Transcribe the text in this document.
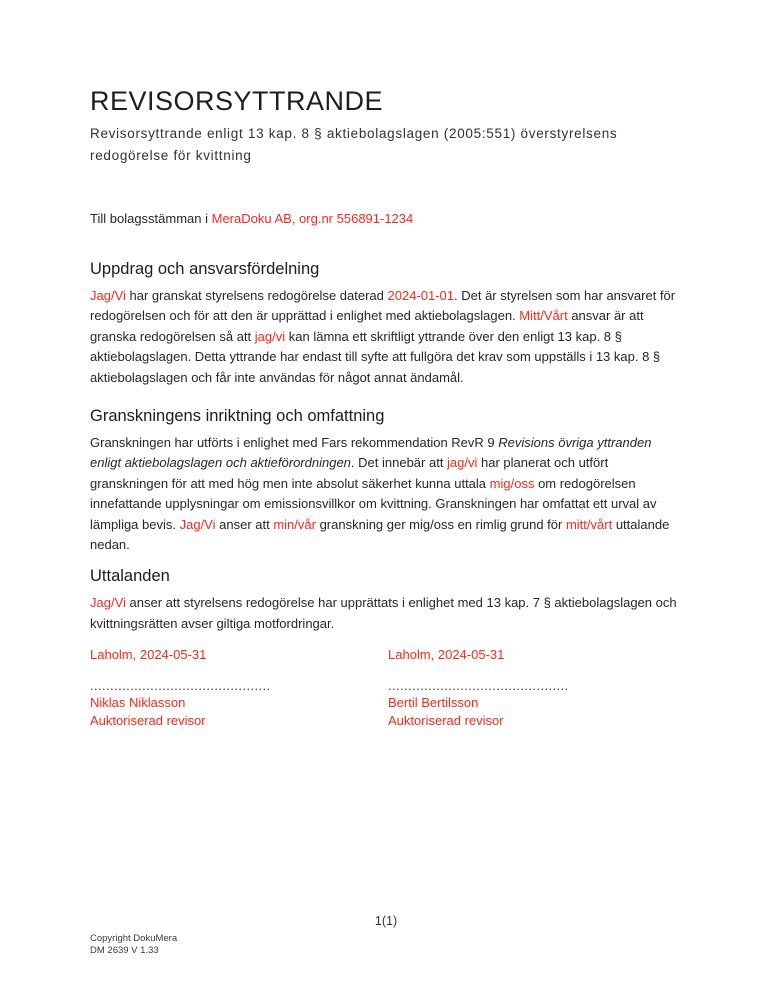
REVISORSYTTRANDE
Revisorsyttrande enligt 13 kap. 8 § aktiebolagslagen (2005:551) överstyrelsens redogörelse för kvittning
Till bolagsstämman i MeraDoku AB, org.nr 556891-1234
Uppdrag och ansvarsfördelning
Jag/Vi har granskat styrelsens redogörelse daterad 2024-01-01. Det är styrelsen som har ansvaret för redogörelsen och för att den är upprättad i enlighet med aktiebolagslagen. Mitt/Vårt ansvar är att granska redogörelsen så att jag/vi kan lämna ett skriftligt yttrande över den enligt 13 kap. 8 § aktiebolagslagen. Detta yttrande har endast till syfte att fullgöra det krav som uppställs i 13 kap. 8 § aktiebolagslagen och får inte användas för något annat ändamål.
Granskningens inriktning och omfattning
Granskningen har utförts i enlighet med Fars rekommendation RevR 9 Revisions övriga yttranden enligt aktiebolagslagen och aktieförordningen. Det innebär att jag/vi har planerat och utfört granskningen för att med hög men inte absolut säkerhet kunna uttala mig/oss om redogörelsen innefattande upplysningar om emissionsvillkor om kvittning. Granskningen har omfattat ett urval av lämpliga bevis. Jag/Vi anser att min/vår granskning ger mig/oss en rimlig grund för mitt/vårt uttalande nedan.
Uttalanden
Jag/Vi anser att styrelsens redogörelse har upprättats i enlighet med 13 kap. 7 § aktiebolagslagen och kvittningsrätten avser giltiga motfordringar.
Laholm, 2024-05-31
.............................................
Niklas Niklasson
Auktoriserad revisor
Laholm, 2024-05-31
.............................................
Bertil Bertilsson
Auktoriserad revisor
1(1)
Copyright DokuMera
DM 2639 V 1.33
